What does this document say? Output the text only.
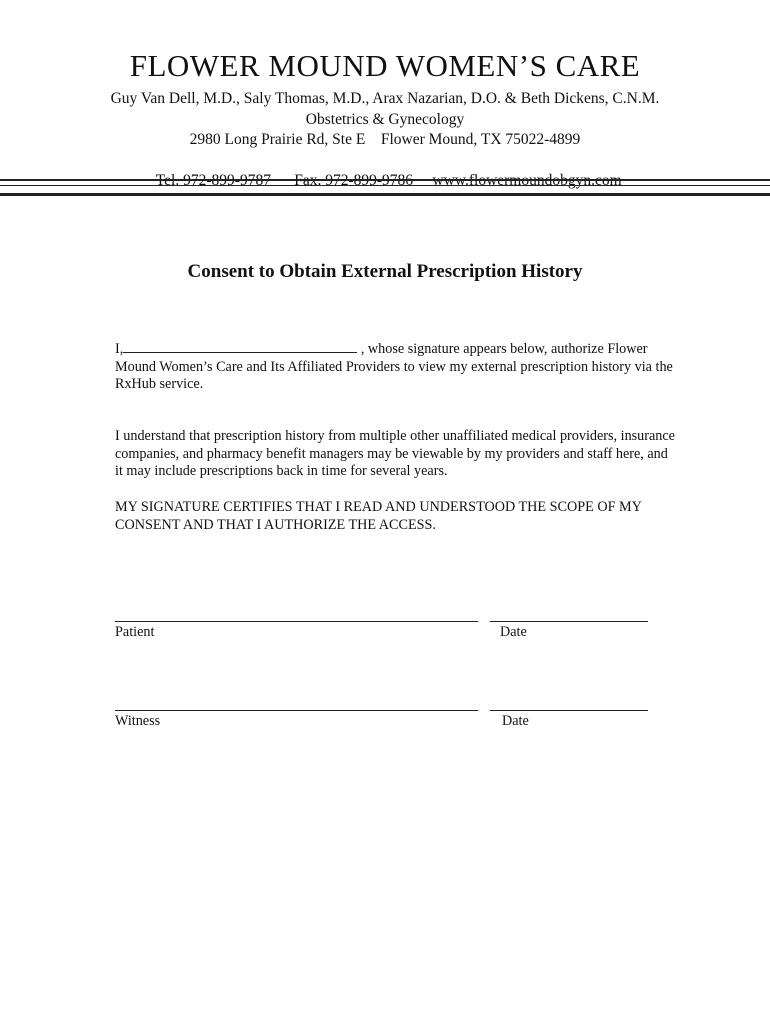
FLOWER MOUND WOMEN’S CARE
Guy Van Dell, M.D., Saly Thomas, M.D., Arax Nazarian, D.O. & Beth Dickens, C.N.M.
Obstetrics & Gynecology
2980 Long Prairie Rd, Ste E    Flower Mound, TX 75022-4899

Consent to Obtain External Prescription History
I,	, whose signature appears below, authorize Flower Mound Women’s Care and Its Affiliated Providers to view my external prescription history via the RxHub service.
I understand that prescription history from multiple other unaffiliated medical providers, insurance companies, and pharmacy benefit managers may be viewable by my providers and staff here, and it may include prescriptions back in time for several years.
MY SIGNATURE CERTIFIES THAT I READ AND UNDERSTOOD THE SCOPE OF MY CONSENT AND THAT I AUTHORIZE THE ACCESS.
Patient	Date
Witness	Date
